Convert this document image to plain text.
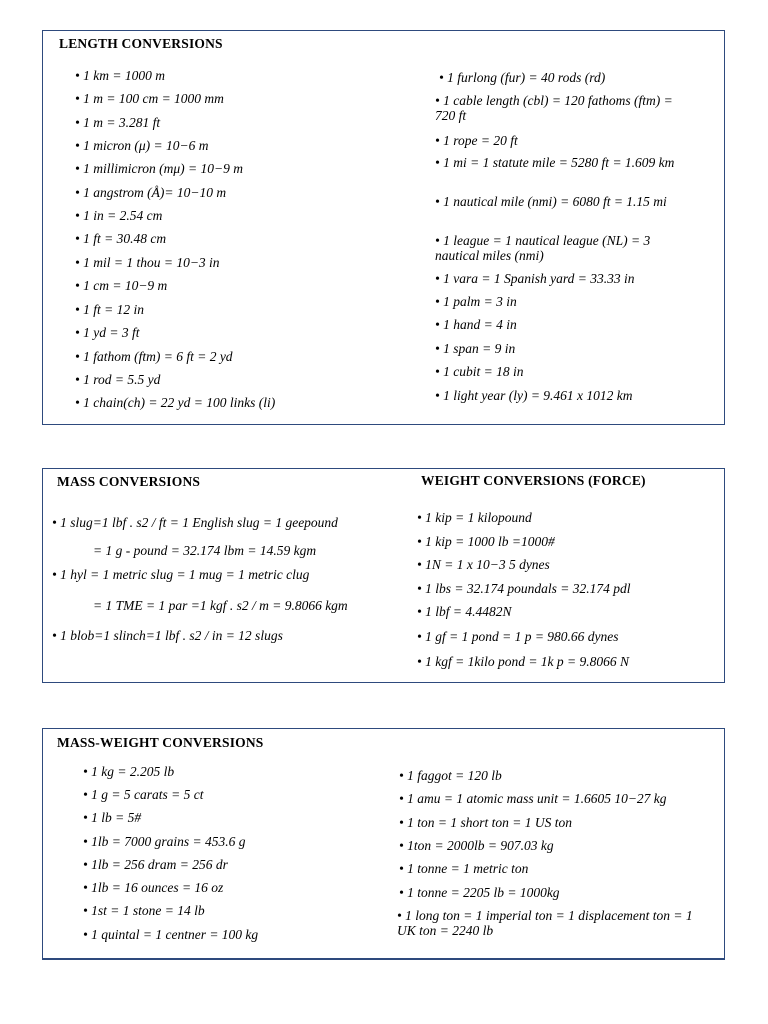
LENGTH CONVERSIONS
• 1 km = 1000 m
• 1 m = 100 cm = 1000 mm
• 1 m = 3.281 ft
• 1 micron (μ) = 10−6 m
• 1 millimicron (mμ) = 10−9 m
• 1 angstrom (Å)= 10−10 m
• 1 in = 2.54 cm
• 1 ft = 30.48 cm
• 1 mil = 1 thou = 10−3 in
• 1 cm = 10−9 m
• 1 ft = 12 in
• 1 yd = 3 ft
• 1 fathom (ftm) = 6 ft = 2 yd
• 1 rod = 5.5 yd
• 1 chain(ch) = 22 yd = 100 links (li)
• 1 furlong (fur) = 40 rods (rd)
• 1 cable length (cbl) = 120 fathoms (ftm) = 720 ft
• 1 rope = 20 ft
• 1 mi = 1 statute mile = 5280 ft = 1.609 km
• 1 nautical mile (nmi) = 6080 ft = 1.15 mi
• 1 league = 1 nautical league (NL) = 3 nautical miles (nmi)
• 1 vara = 1 Spanish yard = 33.33 in
• 1 palm = 3 in
• 1 hand = 4 in
• 1 span = 9 in
• 1 cubit = 18 in
• 1 light year (ly) = 9.461 x 1012 km
MASS CONVERSIONS	WEIGHT CONVERSIONS (FORCE)
• 1 slug=1 lbf . s2 / ft = 1 English slug = 1 geepound
= 1 g - pound = 32.174 lbm = 14.59 kgm
• 1 hyl = 1 metric slug = 1 mug = 1 metric clug
= 1 TME = 1 par =1 kgf . s2 / m = 9.8066 kgm
• 1 blob=1 slinch=1 lbf . s2 / in = 12 slugs
• 1 kip = 1 kilopound
• 1 kip = 1000 lb =1000#
• 1N = 1 x 10−3 5 dynes
• 1 lbs = 32.174 poundals = 32.174 pdl
• 1 lbf = 4.4482N
• 1 gf = 1 pond = 1 p = 980.66 dynes
• 1 kgf = 1kilo pond = 1k p = 9.8066 N
MASS-WEIGHT CONVERSIONS
• 1 kg = 2.205 lb
• 1 g = 5 carats = 5 ct
• 1 lb = 5#
• 1lb = 7000 grains = 453.6 g
• 1lb = 256 dram = 256 dr
• 1lb = 16 ounces = 16 oz
• 1st = 1 stone = 14 lb
• 1 quintal = 1 centner = 100 kg
• 1 faggot = 120 lb
• 1 amu = 1 atomic mass unit = 1.6605 10−27 kg
• 1 ton = 1 short ton = 1 US ton
• 1ton = 2000lb = 907.03 kg
• 1 tonne = 1 metric ton
• 1 tonne = 2205 lb = 1000kg
• 1 long ton = 1 imperial ton = 1 displacement ton = 1 UK ton = 2240 lb
